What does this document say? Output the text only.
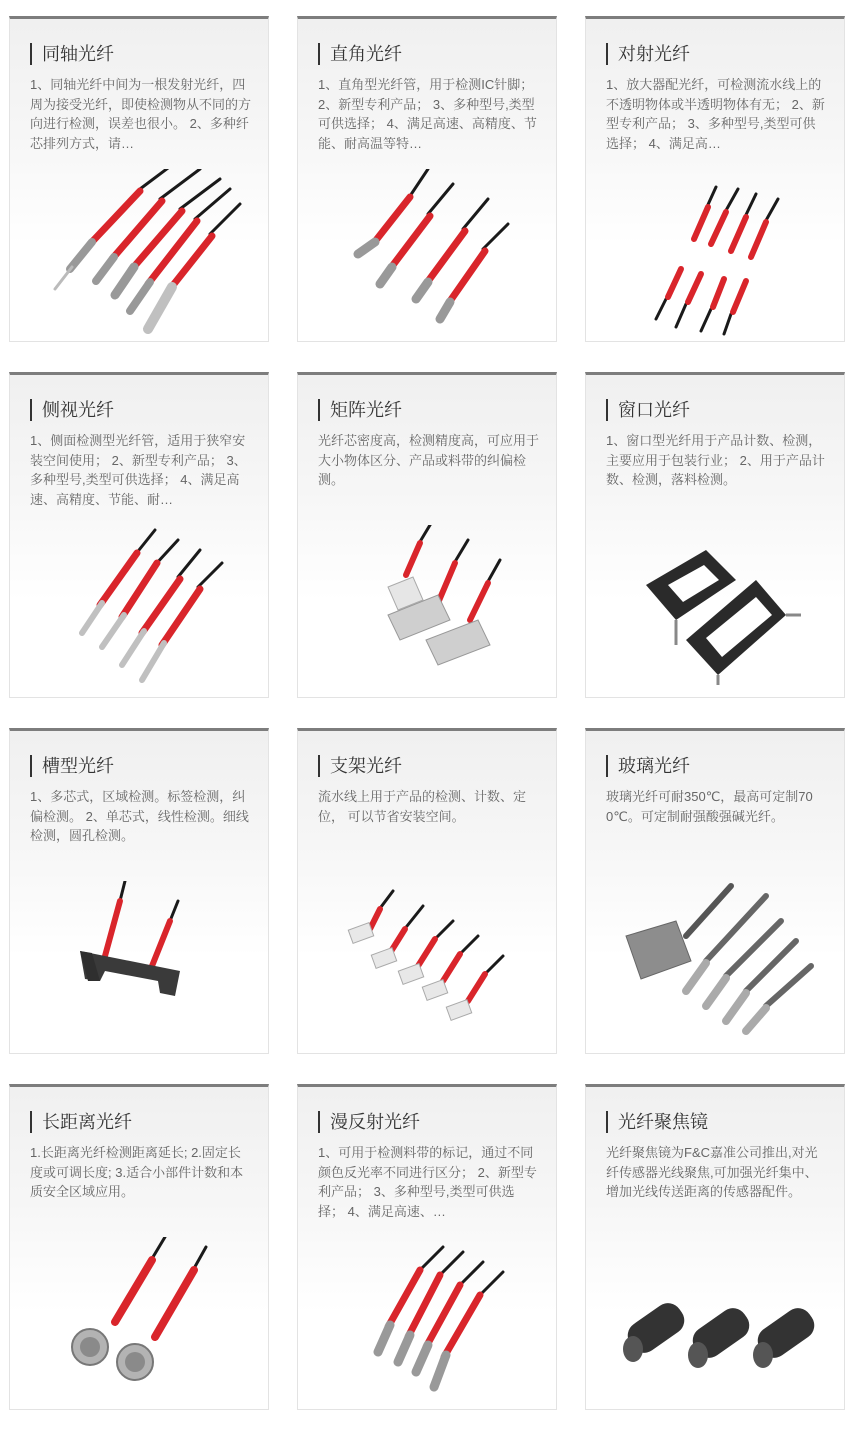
同轴光纤
1、同轴光纤中间为一根发射光纤，四周为接受光纤，即使检测物从不同的方向进行检测，误差也很小。 2、多种纤芯排列方式，请…
直角光纤
1、直角型光纤管，用于检测IC针脚； 2、新型专利产品； 3、多种型号,类型可供选择； 4、满足高速、高精度、节能、耐高温等特…
对射光纤
1、放大器配光纤，可检测流水线上的不透明物体或半透明物体有无； 2、新型专利产品； 3、多种型号,类型可供选择； 4、满足高…
侧视光纤
1、侧面检测型光纤管，适用于狭窄安装空间使用； 2、新型专利产品； 3、多种型号,类型可供选择； 4、满足高速、高精度、节能、耐…
矩阵光纤
光纤芯密度高，检测精度高，可应用于大小物体区分、产品或料带的纠偏检测。
窗口光纤
1、窗口型光纤用于产品计数、检测， 主要应用于包装行业； 2、用于产品计数、检测，落料检测。
槽型光纤
1、多芯式，区域检测。标签检测，纠偏检测。 2、单芯式，线性检测。细线检测，圆孔检测。
支架光纤
流水线上用于产品的检测、计数、定位， 可以节省安装空间。
玻璃光纤
玻璃光纤可耐350℃，最高可定制700℃。可定制耐强酸强碱光纤。
长距离光纤
1.长距离光纤检测距离延长; 2.固定长度或可调长度; 3.适合小部件计数和本质安全区域应用。
漫反射光纤
1、可用于检测料带的标记，通过不同颜色反光率不同进行区分； 2、新型专利产品； 3、多种型号,类型可供选择； 4、满足高速、…
光纤聚焦镜
光纤聚焦镜为F&C嘉准公司推出,对光纤传感器光线聚焦,可加强光纤集中、增加光线传送距离的传感器配件。
